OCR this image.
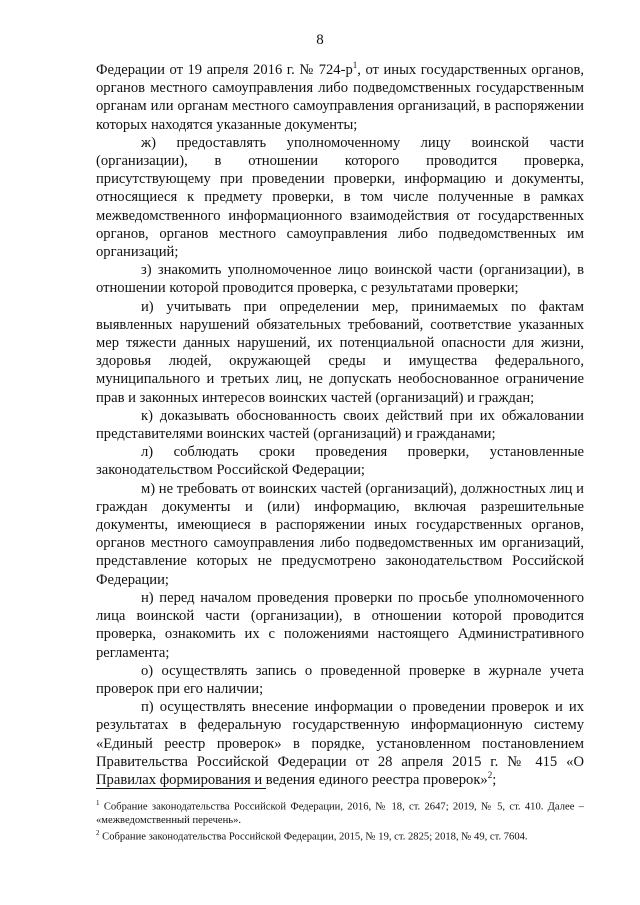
8

Федерации от 19 апреля 2016 г. № 724-р$^1$, от иных государственных органов, органов местного самоуправления либо подведомственных государственным органам или органам местного самоуправления организаций, в распоряжении которых находятся указанные документы;

ж) предоставлять уполномоченному лицу воинской части (организации), в отношении которого проводится проверка, присутствующему при проведении проверки, информацию и документы, относящиеся к предмету проверки, в том числе полученные в рамках межведомственного информационного взаимодействия от государственных органов, органов местного самоуправления либо подведомственных им организаций;

з) знакомить уполномоченное лицо воинской части (организации), в отношении которой проводится проверка, с результатами проверки;

и) учитывать при определении мер, принимаемых по фактам выявленных нарушений обязательных требований, соответствие указанных мер тяжести данных нарушений, их потенциальной опасности для жизни, здоровья людей, окружающей среды и имущества федерального, муниципального и третьих лиц, не допускать необоснованное ограничение прав и законных интересов воинских частей (организаций) и граждан;

к) доказывать обоснованность своих действий при их обжаловании представителями воинских частей (организаций) и гражданами;

л) соблюдать сроки проведения проверки, установленные законодательством Российской Федерации;

м) не требовать от воинских частей (организаций), должностных лиц и граждан документы и (или) информацию, включая разрешительные документы, имеющиеся в распоряжении иных государственных органов, органов местного самоуправления либо подведомственных им организаций, представление которых не предусмотрено законодательством Российской Федерации;

н) перед началом проведения проверки по просьбе уполномоченного лица воинской части (организации), в отношении которой проводится проверка, ознакомить их с положениями настоящего Административного регламента;

о) осуществлять запись о проведенной проверке в журнале учета проверок при его наличии;

п) осуществлять внесение информации о проведении проверок и их результатах в федеральную государственную информационную систему «Единый реестр проверок» в порядке, установленном постановлением Правительства Российской Федерации от 28 апреля 2015 г. № 415 «О Правилах формирования и ведения единого реестра проверок»$^2$;

$^1$ Собрание законодательства Российской Федерации, 2016, № 18, ст. 2647; 2019, № 5, ст. 410. Далее – «межведомственный перечень».

$^2$ Собрание законодательства Российской Федерации, 2015, № 19, ст. 2825; 2018, № 49, ст. 7604.
